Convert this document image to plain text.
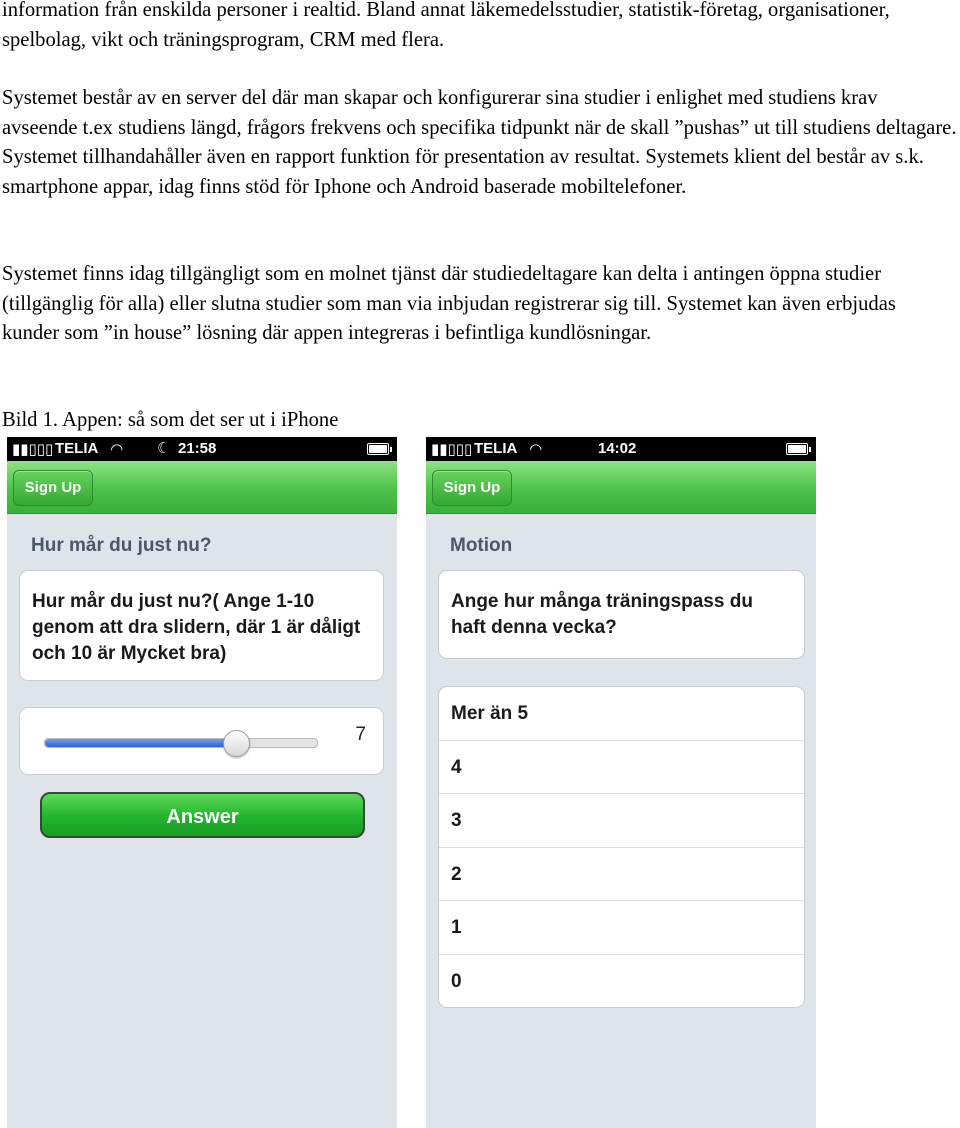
information från enskilda personer i realtid. Bland annat läkemedelsstudier, statistik-företag, organisationer, spelbolag, vikt och träningsprogram, CRM med flera.

Systemet består av en server del där man skapar och konfigurerar sina studier i enlighet med studiens krav avseende t.ex studiens längd, frågors frekvens och specifika tidpunkt när de skall ”pushas” ut till studiens deltagare. Systemet tillhandahåller även en rapport funktion för presentation av resultat. Systemets klient del består av s.k. smartphone appar, idag finns stöd för Iphone och Android baserade mobiltelefoner.

Systemet finns idag tillgängligt som en molnet tjänst där studiedeltagare kan delta i antingen öppna studier (tillgänglig för alla) eller slutna studier som man via inbjudan registrerar sig till. Systemet kan även erbjudas kunder som ”in house” lösning där appen integreras i befintliga kundlösningar.

Bild 1. Appen: så som det ser ut i iPhone

▮▮▯▯▯ TELIA ◠ ☾ 21:58
Sign Up
Hur mår du just nu?
Hur mår du just nu?( Ange 1-10 genom att dra slidern, där 1 är dåligt och 10 är Mycket bra)
7
Answer
▮▮▯▯▯ TELIA ◠	14:02
Sign Up
Motion
Ange hur många träningspass du haft denna vecka?
Mer än 5
4
3
2
1
0
